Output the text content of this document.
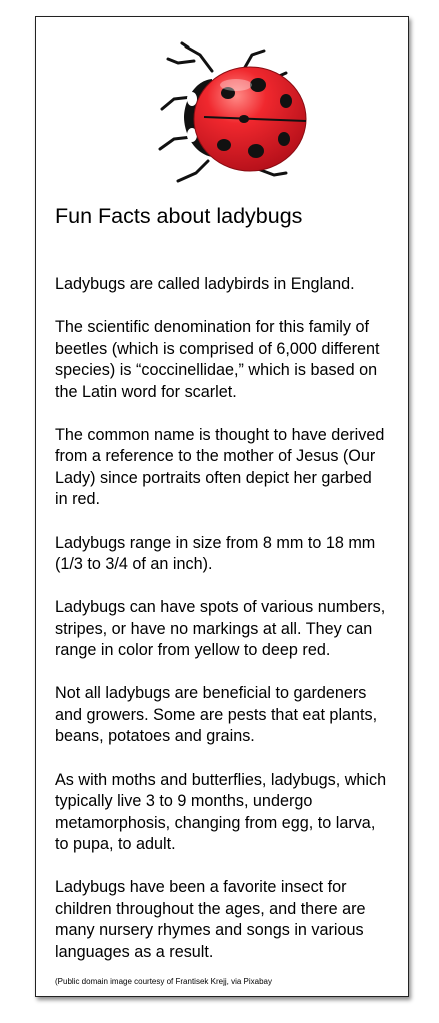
Fun Facts about ladybugs

Ladybugs are called ladybirds in England.

The scientific denomination for this family of
beetles (which is comprised of 6,000 different
species) is “coccinellidae,” which is based on
the Latin word for scarlet.

The common name is thought to have derived
from a reference to the mother of Jesus (Our
Lady) since portraits often depict her garbed
in red.

Ladybugs range in size from 8 mm to 18 mm
(1/3 to 3/4 of an inch).

Ladybugs can have spots of various numbers,
stripes, or have no markings at all. They can
range in color from yellow to deep red.

Not all ladybugs are beneficial to gardeners
and growers. Some are pests that eat plants,
beans, potatoes and grains.

As with moths and butterflies, ladybugs, which
typically live 3 to 9 months, undergo
metamorphosis, changing from egg, to larva,
to pupa, to adult.

Ladybugs have been a favorite insect for
children throughout the ages, and there are
many nursery rhymes and songs in various
languages as a result.

(Public domain image courtesy of Frantisek Krejj, via Pixabay
